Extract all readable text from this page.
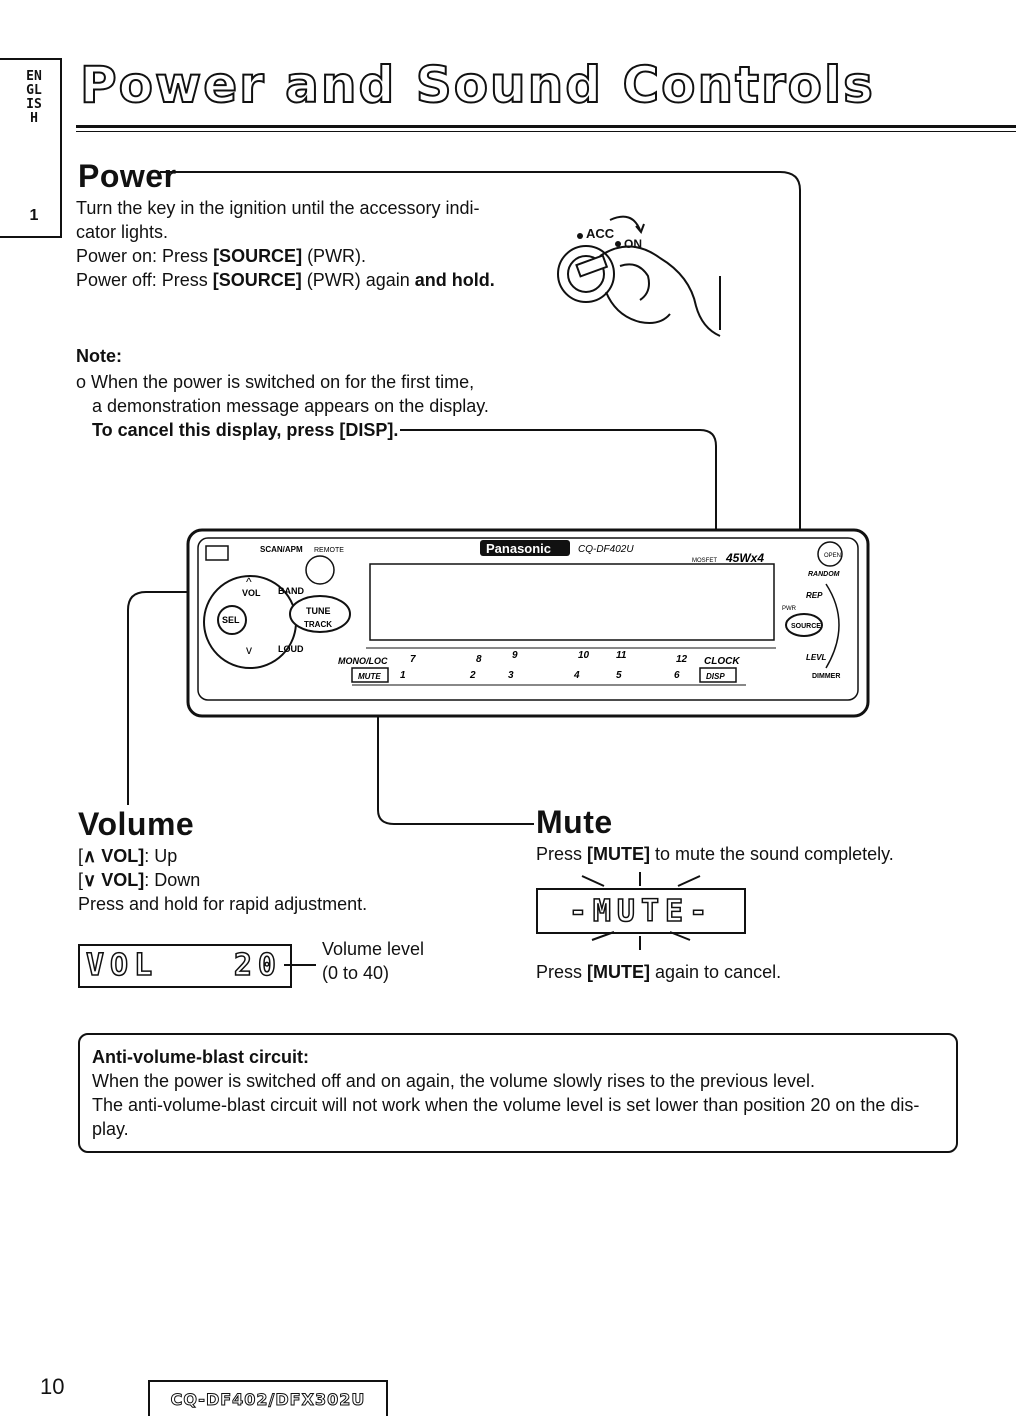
ENGLISH
1
Power and Sound Controls
Power
Turn the key in the ignition until the accessory indi-
cator lights.
Power on: Press [SOURCE] (PWR).
Power off: Press [SOURCE] (PWR) again and hold.
ACC
ON
Note:
o When the power is switched on for the first time,
a demonstration message appears on the display.
To cancel this display, press [DISP].
SCAN/APM REMOTE
VOL
SEL
BAND
TUNE
TRACK
LOUD
^
v
Panasonic	CQ-DF402U
MOSFET 45Wx4
MONO/LOC
MUTE
7	8	9	10	11	12 CLOCK
1	2	3	4	5	6	DISP
OPEN
RANDOM
REP
PWR
SOURCE
LEVL
DIMMER
Volume
[∧ VOL]: Up
[∨ VOL]: Down
Press and hold for rapid adjustment.
VOL	20 Volume level
(0 to 40)
Mute
Press [MUTE] to mute the sound completely.
-MUTE-
Press [MUTE] again to cancel.
Anti-volume-blast circuit:
When the power is switched off and on again, the volume slowly rises to the previous level.
The anti-volume-blast circuit will not work when the volume level is set lower than position 20 on the dis-
play.
10	CQ-DF402/DFX302U
